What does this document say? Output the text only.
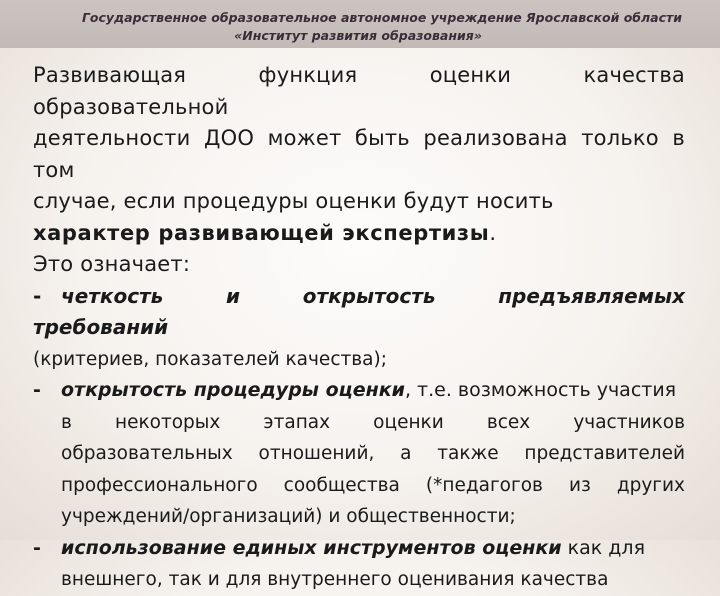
Государственное образовательное автономное учреждение Ярославской области
«Институт развития образования»

Развивающая функция оценки качества образовательной

деятельности ДОО может быть реализована только в том

случае, если процедуры оценки будут носить

характер развивающей экспертизы.

Это означает:

- четкость и открытость предъявляемых требований

(критериев, показателей качества);

- открытость процедуры оценки, т.е. возможность участия

в некоторых этапах оценки всех участников

образовательных отношений, а также представителей

профессионального сообщества (*педагогов из других

учреждений/организаций) и общественности;

- использование единых инструментов оценки как для

внешнего, так и для внутреннего оценивания качества
